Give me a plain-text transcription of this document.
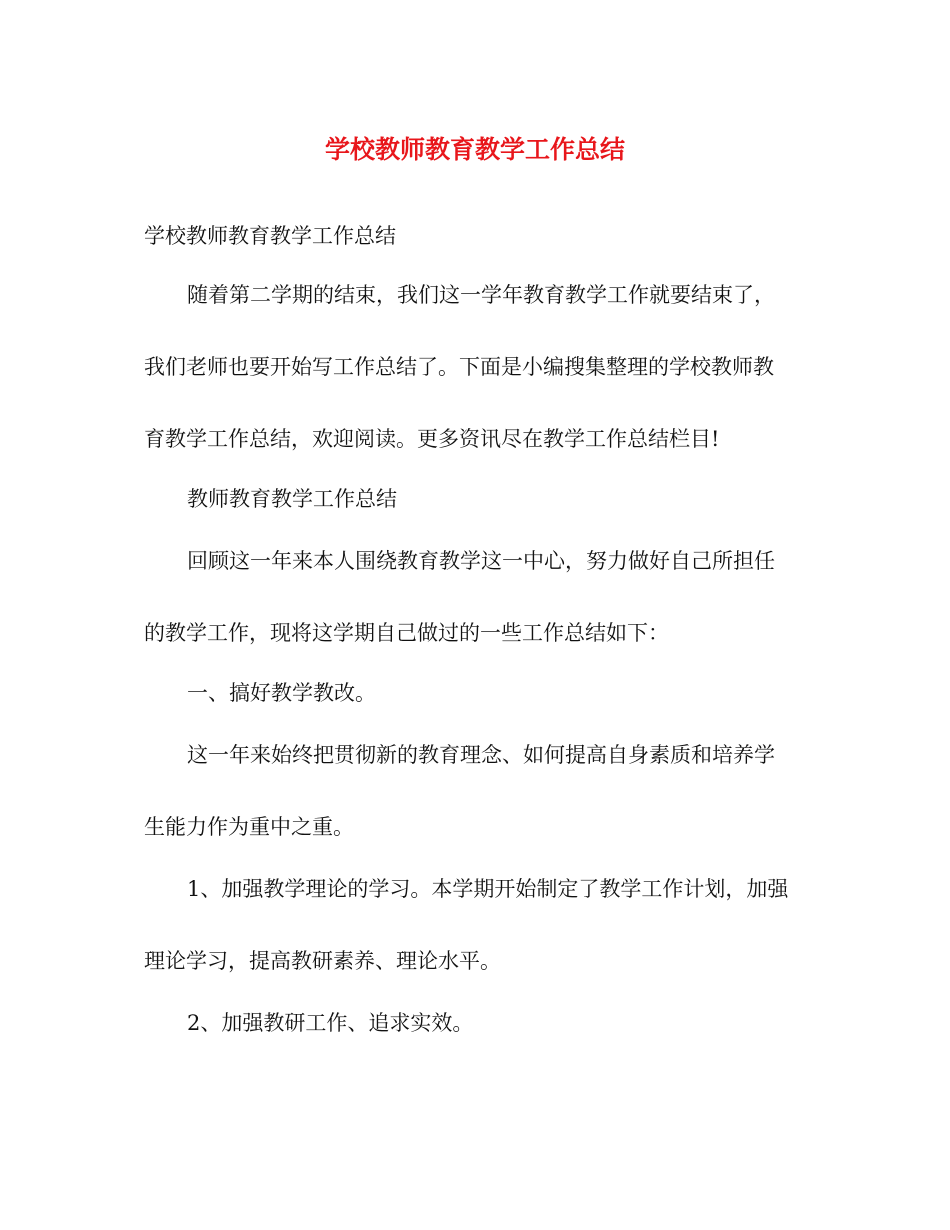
学校教师教育教学工作总结

学校教师教育教学工作总结

随着第二学期的结束，我们这一学年教育教学工作就要结束了，

我们老师也要开始写工作总结了。下面是小编搜集整理的学校教师教

育教学工作总结，欢迎阅读。更多资讯尽在教学工作总结栏目!

教师教育教学工作总结

回顾这一年来本人围绕教育教学这一中心，努力做好自己所担任

的教学工作，现将这学期自己做过的一些工作总结如下：

一、搞好教学教改。

这一年来始终把贯彻新的教育理念、如何提高自身素质和培养学

生能力作为重中之重。

1、加强教学理论的学习。本学期开始制定了教学工作计划，加强

理论学习，提高教研素养、理论水平。

2、加强教研工作、追求实效。
